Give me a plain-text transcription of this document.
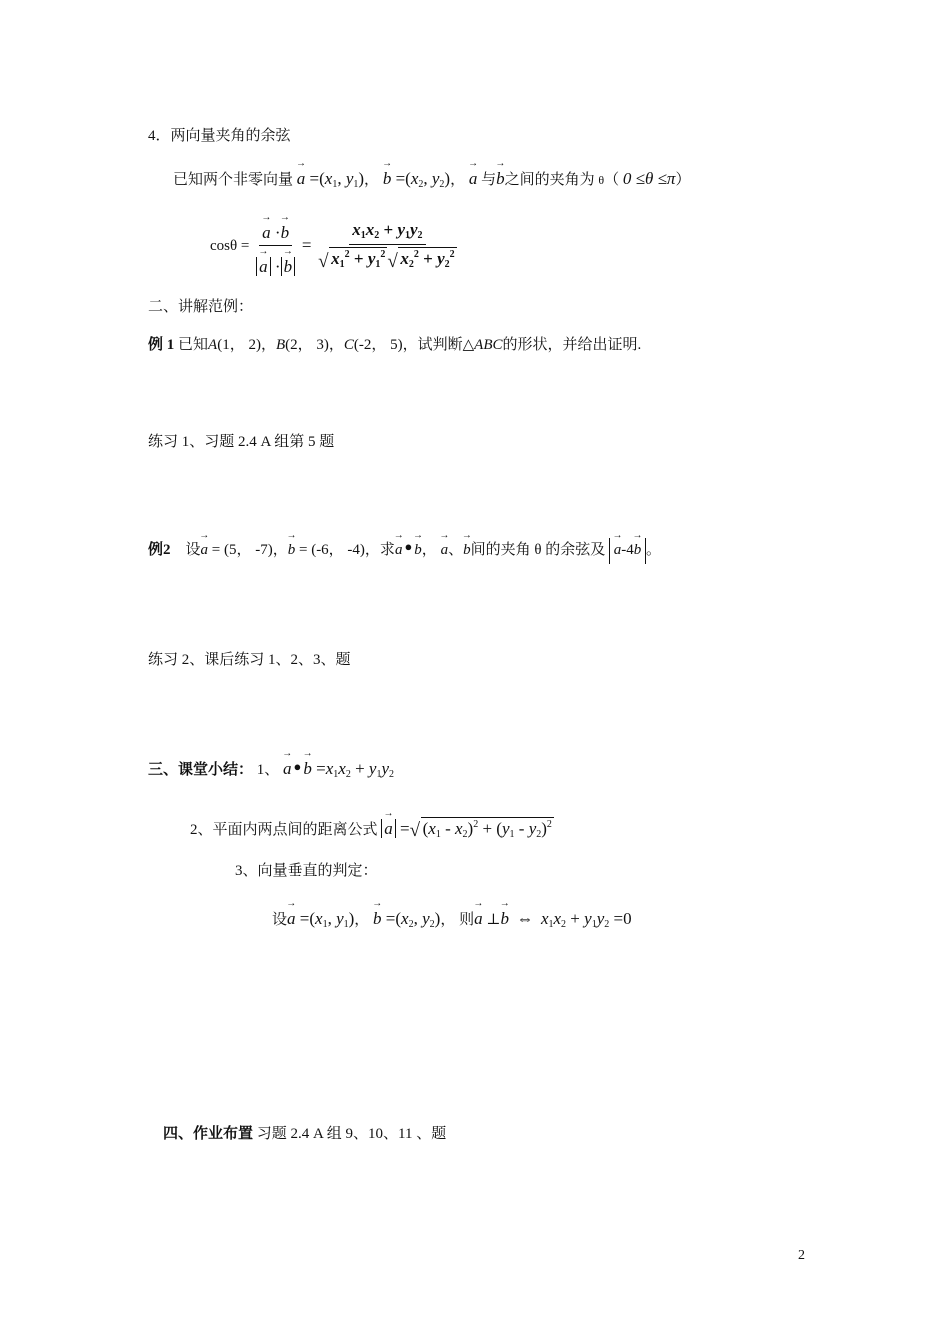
4．两向量夹角的余弦
已知两个非零向量 → $a =(x_1$, $y_1$)， → $b =(x_2$, $y_2$)， → a 与→ b之间的夹角为 θ（ 0 ≤θ ≤π）
cosθ =
→ a ·→ b
→ $a \cdot\to b = \frac{x_1x_2 + y_1y_2}{√ x_1^2 + y_1^2 √ x_2^2 + y_2^2}$
二、讲解范例：
例 1 已知A(1， 2)，B(2， 3)，C(-2， 5)，试判断△ABC的形状，并给出证明.
练习 1、习题 2.4 A 组第 5 题
例2 设→ a = (5， -7)，→ b = (-6， -4)，求→ a ●→ b， → a、→ b间的夹角 θ 的余弦及  → a-4→ b 。
练习 2、课后练习 1、2、3、题
三、课堂小结： 1、 → a ●→ $b =x_1x_2 + y_1y_2$
2、平面内两点间的距离公式 → a = √ $(x_1 - x_2)^2 + (y_1 - y_2)^2$
3、向量垂直的判定：
设→ $a =(x_1$, $y_1$)， → $b =(x_2$, $y_2$)， 则→ a ⊥→ b ⇔ $x_1x_2 + y_1y_2 =0$
四、作业布置 习题 2.4 A 组 9、10、11 、题
2
